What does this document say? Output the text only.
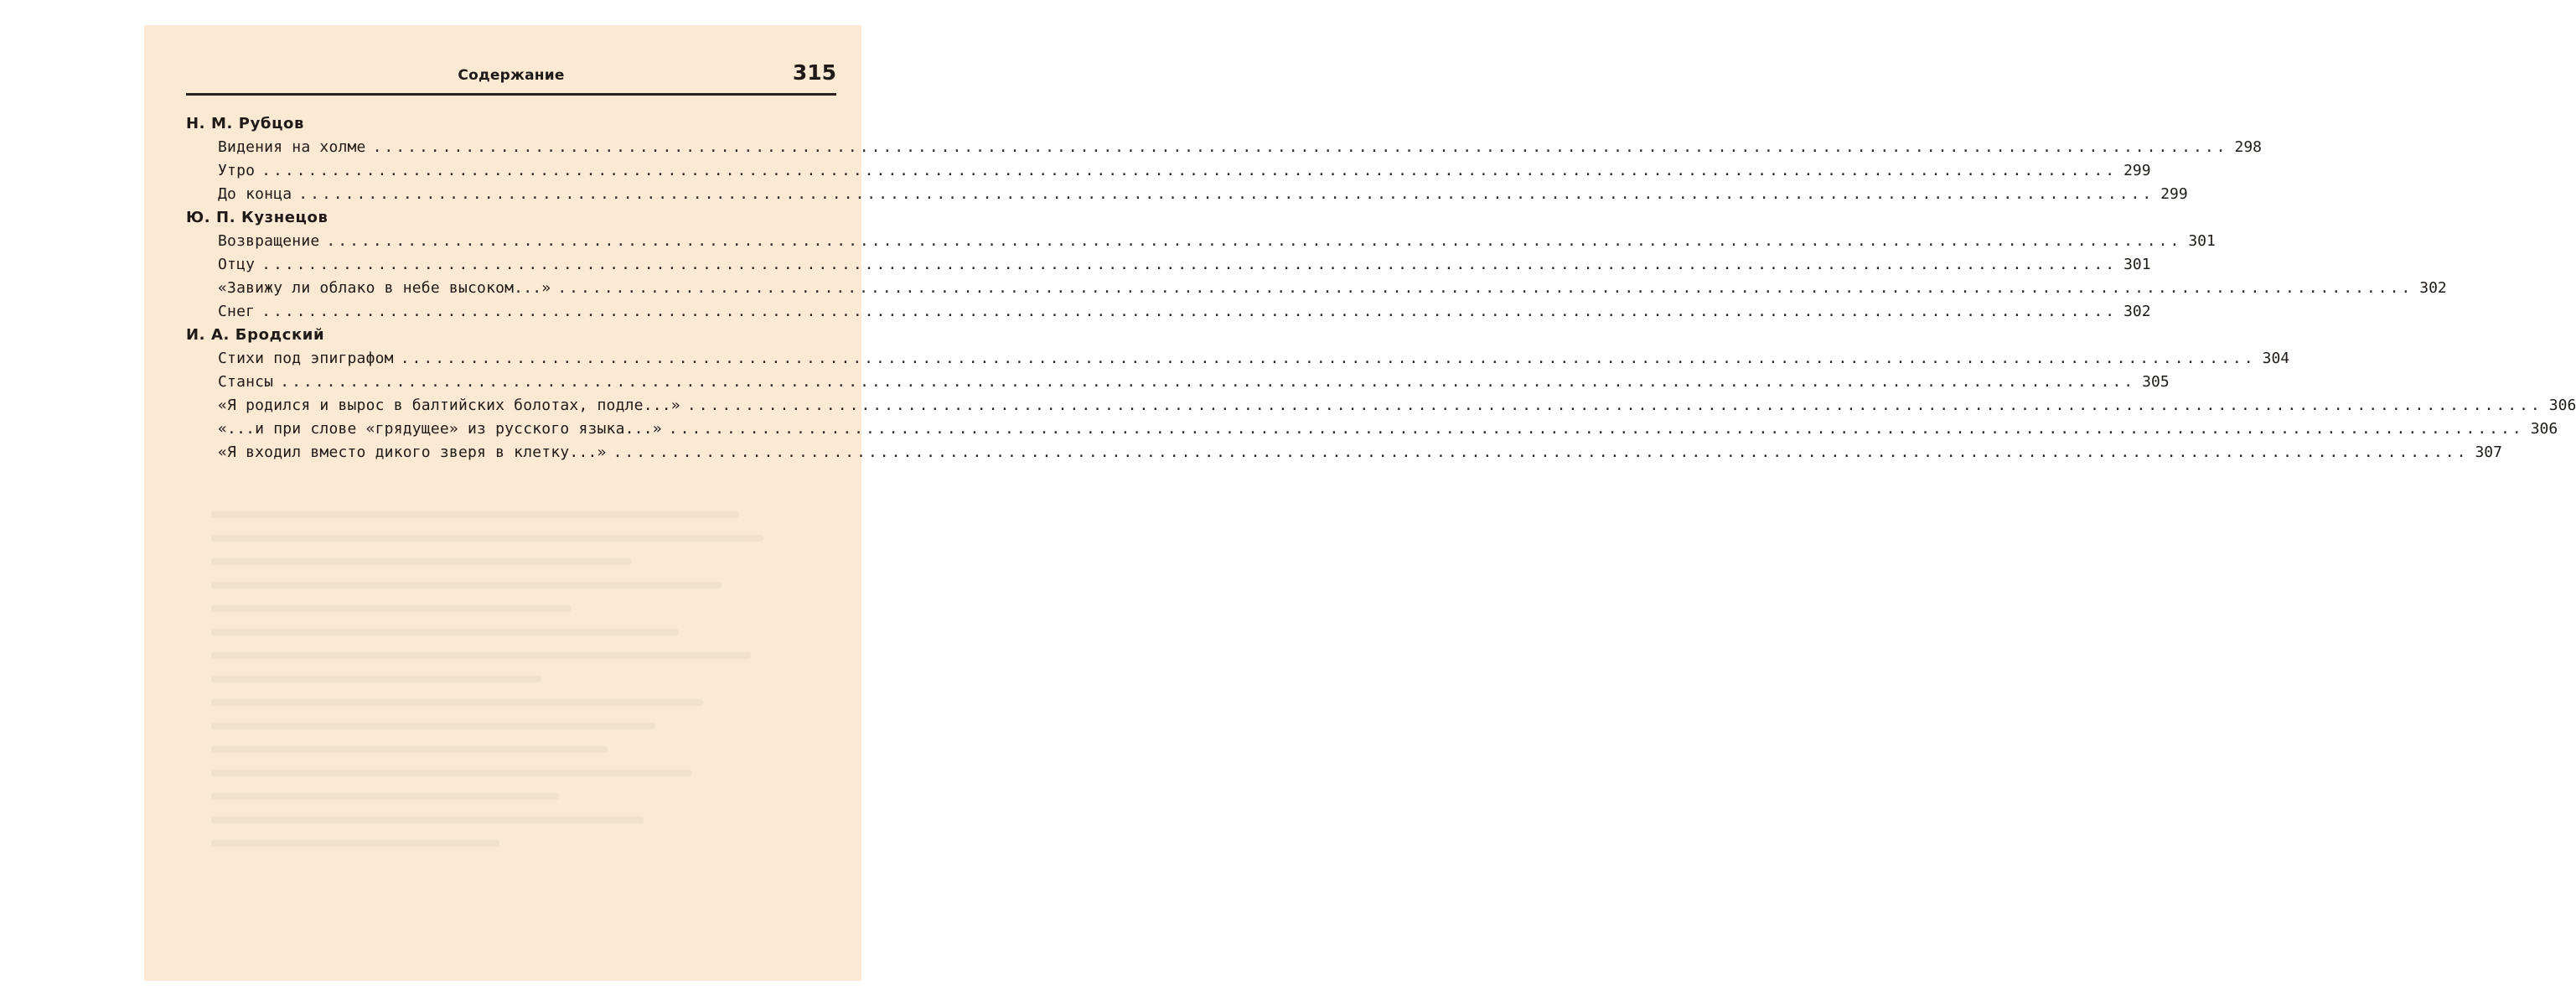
Содержание	315
Н. М. Рубцов
Видения на холме ................................................................................................................................................................ 298
Утро ................................................................................................................................................................ 299
До конца ................................................................................................................................................................ 299
Ю. П. Кузнецов
Возвращение ................................................................................................................................................................ 301
Отцу ................................................................................................................................................................ 301
«Завижу ли облако в небе высоком...» ................................................................................................................................................................ 302
Снег ................................................................................................................................................................ 302
И. А. Бродский
Стихи под эпиграфом ................................................................................................................................................................ 304
Стансы ................................................................................................................................................................ 305
«Я родился и вырос в балтийских болотах, подле...» ................................................................................................................................................................ 306
«...и при слове «грядущее» из русского языка...» ................................................................................................................................................................ 306
«Я входил вместо дикого зверя в клетку...» ................................................................................................................................................................ 307
